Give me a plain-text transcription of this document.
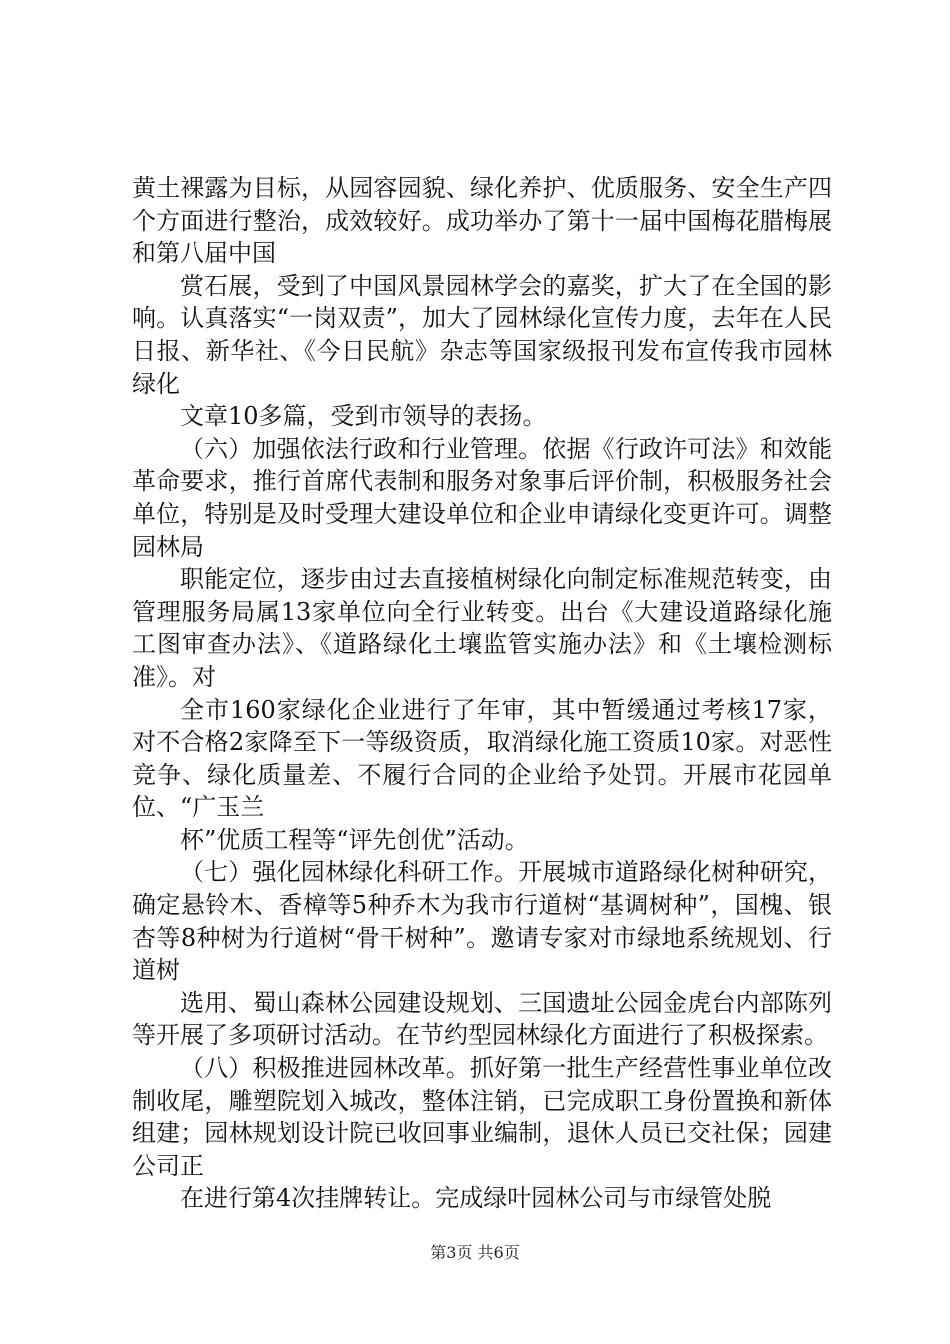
黄土裸露为目标，从园容园貌、绿化养护、优质服务、安全生产四个方面进行整治，成效较好。成功举办了第十一届中国梅花腊梅展和第八届中国

赏石展，受到了中国风景园林学会的嘉奖，扩大了在全国的影响。认真落实“一岗双责”，加大了园林绿化宣传力度，去年在人民日报、新华社、《今日民航》杂志等国家级报刊发布宣传我市园林绿化

文章10多篇，受到市领导的表扬。

（六）加强依法行政和行业管理。依据《行政许可法》和效能革命要求，推行首席代表制和服务对象事后评价制，积极服务社会单位，特别是及时受理大建设单位和企业申请绿化变更许可。调整园林局

职能定位，逐步由过去直接植树绿化向制定标准规范转变，由管理服务局属13家单位向全行业转变。出台《大建设道路绿化施工图审查办法》、《道路绿化土壤监管实施办法》和《土壤检测标准》。对

全市160家绿化企业进行了年审，其中暂缓通过考核17家，对不合格2家降至下一等级资质，取消绿化施工资质10家。对恶性竞争、绿化质量差、不履行合同的企业给予处罚。开展市花园单位、“广玉兰

杯”优质工程等“评先创优”活动。

（七）强化园林绿化科研工作。开展城市道路绿化树种研究，确定悬铃木、香樟等5种乔木为我市行道树“基调树种”，国槐、银杏等8种树为行道树“骨干树种”。邀请专家对市绿地系统规划、行道树

选用、蜀山森林公园建设规划、三国遗址公园金虎台内部陈列等开展了多项研讨活动。在节约型园林绿化方面进行了积极探索。

（八）积极推进园林改革。抓好第一批生产经营性事业单位改制收尾，雕塑院划入城改，整体注销，已完成职工身份置换和新体组建；园林规划设计院已收回事业编制，退休人员已交社保；园建公司正

在进行第4次挂牌转让。完成绿叶园林公司与市绿管处脱

第3页 共6页
